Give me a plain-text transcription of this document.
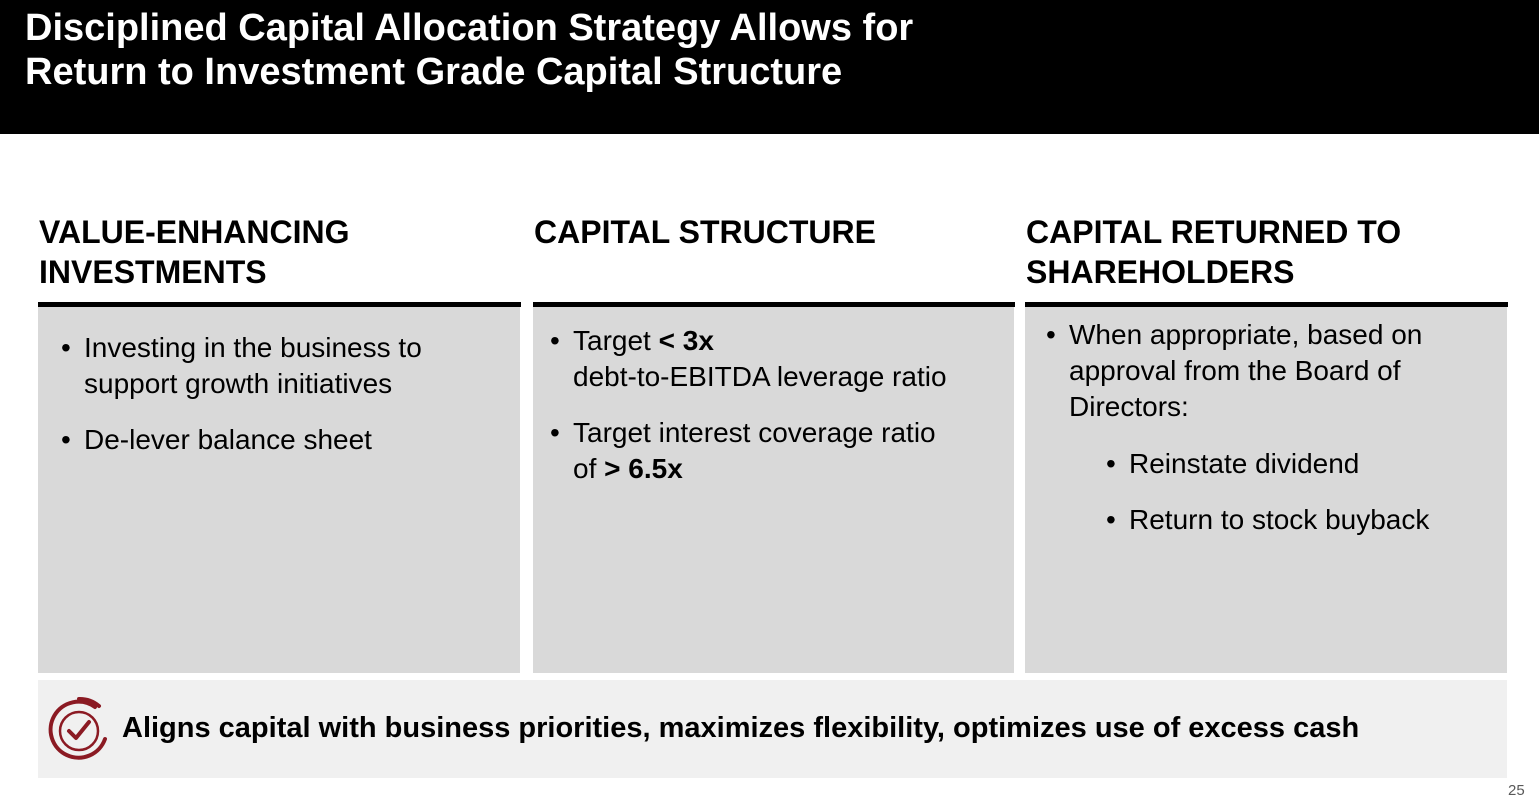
Disciplined Capital Allocation Strategy Allows for
Return to Investment Grade Capital Structure
VALUE-ENHANCING
INVESTMENTS
• Investing in the business to
support growth initiatives
• De-lever balance sheet
CAPITAL STRUCTURE
• Target < 3x
debt-to-EBITDA leverage ratio
• Target interest coverage ratio
of > 6.5x
CAPITAL RETURNED TO
SHAREHOLDERS
• When appropriate, based on
approval from the Board of
Directors:
• Reinstate dividend
• Return to stock buyback
Aligns capital with business priorities, maximizes flexibility, optimizes use of excess cash
25
